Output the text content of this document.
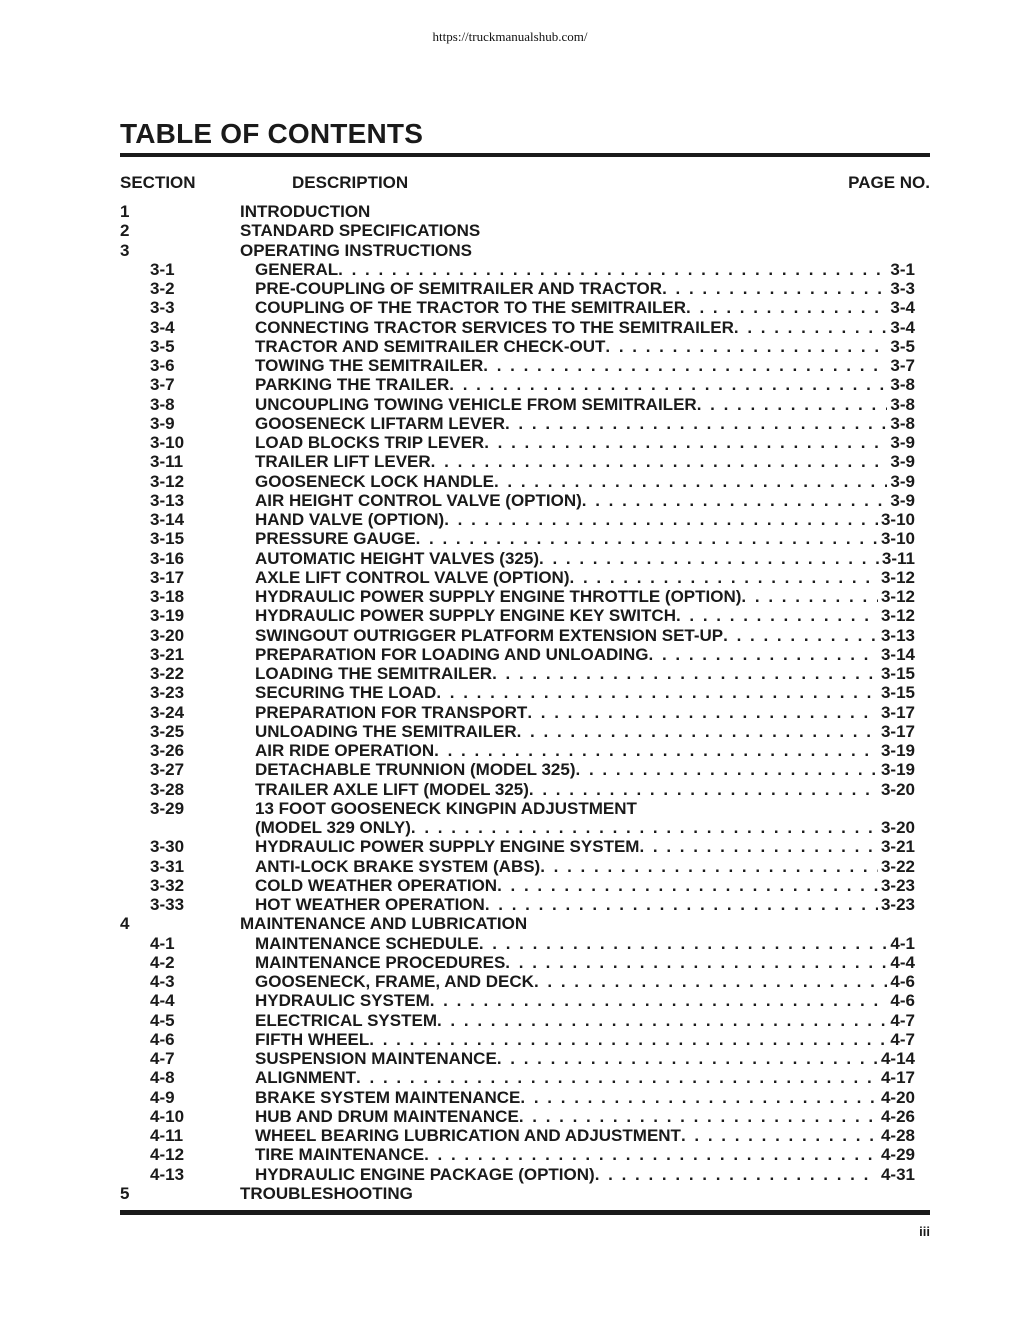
https://truckmanualshub.com/
TABLE OF CONTENTS
SECTION	DESCRIPTION	PAGE NO.
1	INTRODUCTION
2	STANDARD SPECIFICATIONS
3	OPERATING INSTRUCTIONS
3-1	GENERAL . . .	3-1
3-2	PRE-COUPLING OF SEMITRAILER AND TRACTOR . . .	3-3
3-3	COUPLING OF THE TRACTOR TO THE SEMITRAILER . . .	3-4
3-4	CONNECTING TRACTOR SERVICES TO THE SEMITRAILER . . .	3-4
3-5	TRACTOR AND SEMITRAILER CHECK-OUT . . .	3-5
3-6	TOWING THE SEMITRAILER . . .	3-7
3-7	PARKING THE TRAILER . . .	3-8
3-8	UNCOUPLING TOWING VEHICLE FROM SEMITRAILER . . .	3-8
3-9	GOOSENECK LIFTARM LEVER . . .	3-8
3-10	LOAD BLOCKS TRIP LEVER . . .	3-9
3-11	TRAILER LIFT LEVER . . .	3-9
3-12	GOOSENECK LOCK HANDLE . . .	3-9
3-13	AIR HEIGHT CONTROL VALVE (OPTION) . . .	3-9
3-14	HAND VALVE (OPTION) . . .	3-10
3-15	PRESSURE GAUGE . . .	3-10
3-16	AUTOMATIC HEIGHT VALVES (325) . . .	3-11
3-17	AXLE LIFT CONTROL VALVE (OPTION) . . .	3-12
3-18	HYDRAULIC POWER SUPPLY ENGINE THROTTLE (OPTION) . . .	3-12
3-19	HYDRAULIC POWER SUPPLY ENGINE KEY SWITCH . . .	3-12
3-20	SWINGOUT OUTRIGGER PLATFORM EXTENSION SET-UP . . .	3-13
3-21	PREPARATION FOR LOADING AND UNLOADING . . .	3-14
3-22	LOADING THE SEMITRAILER . . .	3-15
3-23	SECURING THE LOAD . . .	3-15
3-24	PREPARATION FOR TRANSPORT . . .	3-17
3-25	UNLOADING THE SEMITRAILER . . .	3-17
3-26	AIR RIDE OPERATION . . .	3-19
3-27	DETACHABLE TRUNNION (MODEL 325) . . .	3-19
3-28	TRAILER AXLE LIFT (MODEL 325) . . .	3-20
3-29	13 FOOT GOOSENECK KINGPIN ADJUSTMENT
(MODEL 329 ONLY) . . .	3-20
3-30	HYDRAULIC POWER SUPPLY ENGINE SYSTEM . . .	3-21
3-31	ANTI-LOCK BRAKE SYSTEM (ABS) . . .	3-22
3-32	COLD WEATHER OPERATION . . .	3-23
3-33	HOT WEATHER OPERATION . . .	3-23
4	MAINTENANCE AND LUBRICATION
4-1	MAINTENANCE SCHEDULE . . .	4-1
4-2	MAINTENANCE PROCEDURES . . .	4-4
4-3	GOOSENECK, FRAME, AND DECK . . .	4-6
4-4	HYDRAULIC SYSTEM . . .	4-6
4-5	ELECTRICAL SYSTEM . . .	4-7
4-6	FIFTH WHEEL . . .	4-7
4-7	SUSPENSION MAINTENANCE . . .	4-14
4-8	ALIGNMENT . . .	4-17
4-9	BRAKE SYSTEM MAINTENANCE . . .	4-20
4-10	HUB AND DRUM MAINTENANCE . . .	4-26
4-11	WHEEL BEARING LUBRICATION AND ADJUSTMENT . . .	4-28
4-12	TIRE MAINTENANCE . . .	4-29
4-13	HYDRAULIC ENGINE PACKAGE (OPTION) . . .	4-31
5	TROUBLESHOOTING
iii
